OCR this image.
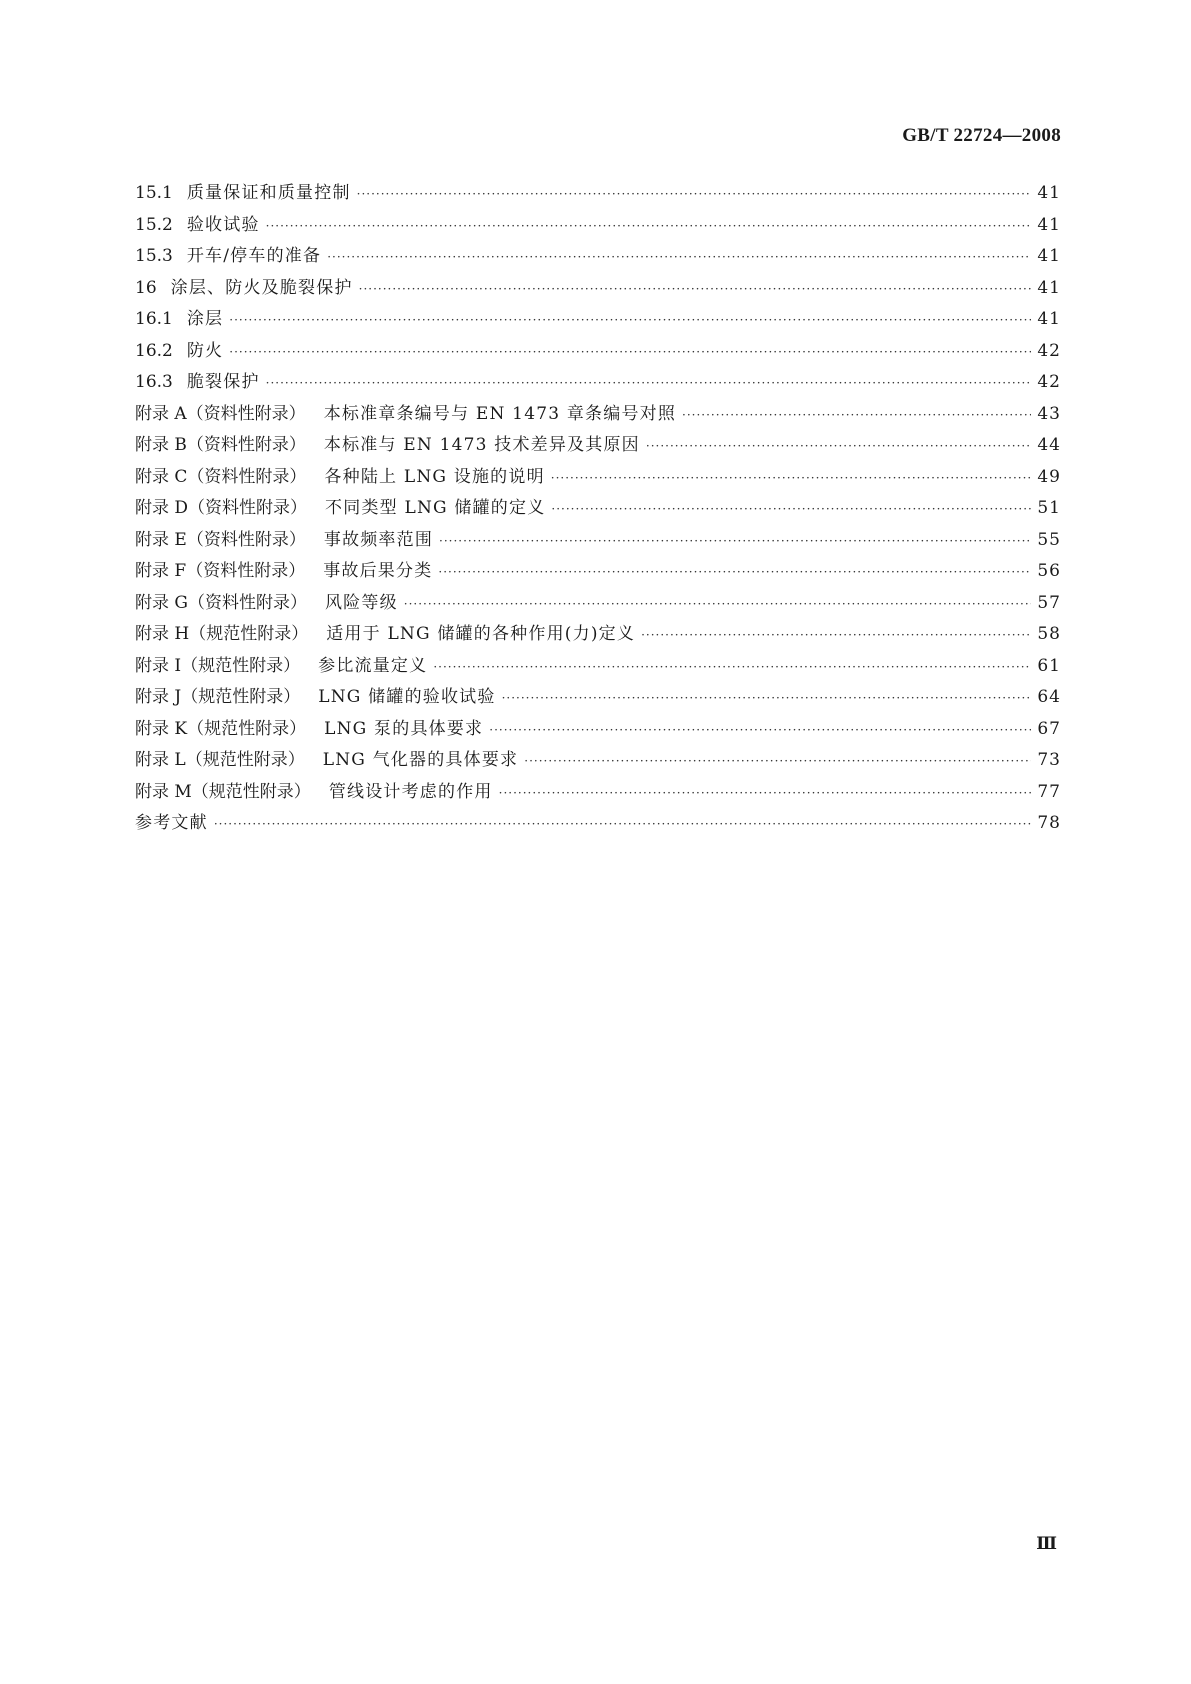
GB/T 22724—2008
15.1 质量保证和质量控制 ·····	41
15.2 验收试验 ·····	41
15.3 开车/停车的准备 ·····	41
16 涂层、防火及脆裂保护 ·····	41
16.1 涂层 ·····	41
16.2 防火 ·····	42
16.3 脆裂保护 ·····	42
附录 A（资料性附录）	本标准章条编号与 EN 1473 章条编号对照 ·····	43
附录 B（资料性附录）	本标准与 EN 1473 技术差异及其原因 ·····	44
附录 C（资料性附录）	各种陆上 LNG 设施的说明 ·····	49
附录 D（资料性附录）	不同类型 LNG 储罐的定义 ·····	51
附录 E（资料性附录）	事故频率范围 ·····	55
附录 F（资料性附录）	事故后果分类 ·····	56
附录 G（资料性附录）	风险等级 ·····	57
附录 H（规范性附录）	适用于 LNG 储罐的各种作用(力)定义 ·····	58
附录 I（规范性附录）	参比流量定义 ·····	61
附录 J（规范性附录）	LNG 储罐的验收试验 ·····	64
附录 K（规范性附录）	LNG 泵的具体要求 ·····	67
附录 L（规范性附录）	LNG 气化器的具体要求 ·····	73
附录 M（规范性附录）	管线设计考虑的作用 ·····	77
参考文献 ·····	78
Ⅲ
